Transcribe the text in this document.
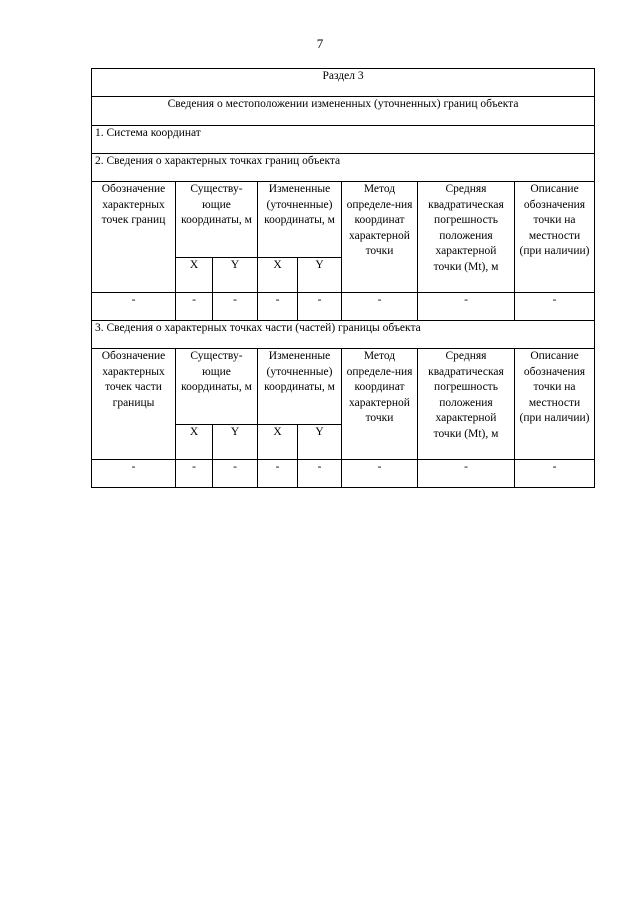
7
Раздел 3							
Сведения о местоположении измененных (уточненных) границ объекта							
1. Система координат							
2. Сведения о характерных точках границ объекта							
Обозначение характерных точек границ	Существу-ющие координаты, м		Измененные (уточненные) координаты, м		Метод определе-ния координат характерной точки	Средняя квадратическая погрешность положения характерной точки (Mt), м	Описание обозначения точки на местности (при наличии)
	X	Y	X	Y			
-	-	-	-	-	-	-	-
3. Сведения о характерных точках части (частей) границы объекта							
Обозначение характерных точек части границы	Существу-ющие координаты, м		Измененные (уточненные) координаты, м		Метод определе-ния координат характерной точки	Средняя квадратическая погрешность положения характерной точки (Mt), м	Описание обозначения точки на местности (при наличии)
	X	Y	X	Y			
-	-	-	-	-	-	-	-
